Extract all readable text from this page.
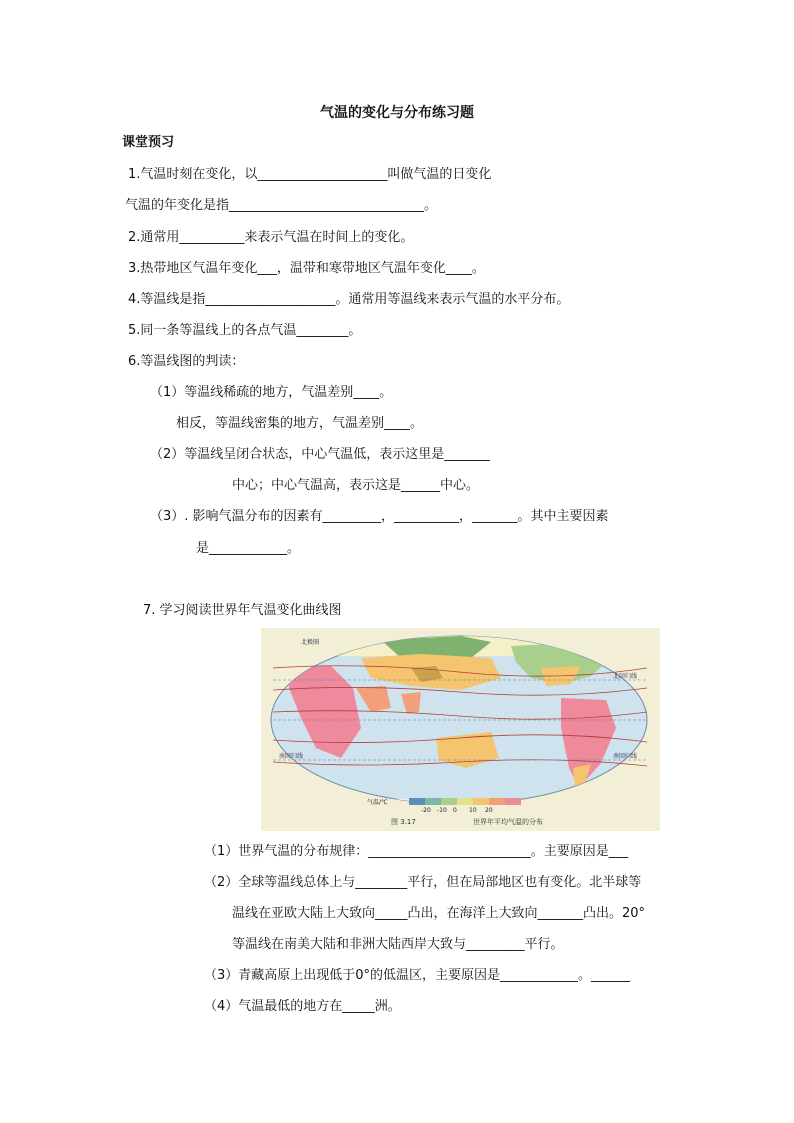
气温的变化与分布练习题
课堂预习
1.气温时刻在变化，以____________________叫做气温的日变化
气温的年变化是指______________________________。
2.通常用__________来表示气温在时间上的变化。
3.热带地区气温年变化___，温带和寒带地区气温年变化____。
4.等温线是指____________________。通常用等温线来表示气温的水平分布。
5.同一条等温线上的各点气温________。
6.等温线图的判读：
（1）等温线稀疏的地方，气温差别____。
相反，等温线密集的地方，气温差别____。
（2）等温线呈闭合状态，中心气温低，表示这里是_______
中心；中心气温高，表示这是______中心。
（3）. 影响气温分布的因素有_________，__________，_______。其中主要因素
是____________。
7. 学习阅读世界年气温变化曲线图
北极圈
北回归线
南回归线	南回归线
气温/℃
-20 -10 0 10 20
图 3.17	世界年平均气温的分布
（1）世界气温的分布规律：_________________________。主要原因是___
（2）全球等温线总体上与________平行，但在局部地区也有变化。北半球等
温线在亚欧大陆上大致向_____凸出，在海洋上大致向_______凸出。20°
等温线在南美大陆和非洲大陆西岸大致与_________平行。
（3）青藏高原上出现低于0°的低温区，主要原因是____________。______
（4）气温最低的地方在_____洲。
